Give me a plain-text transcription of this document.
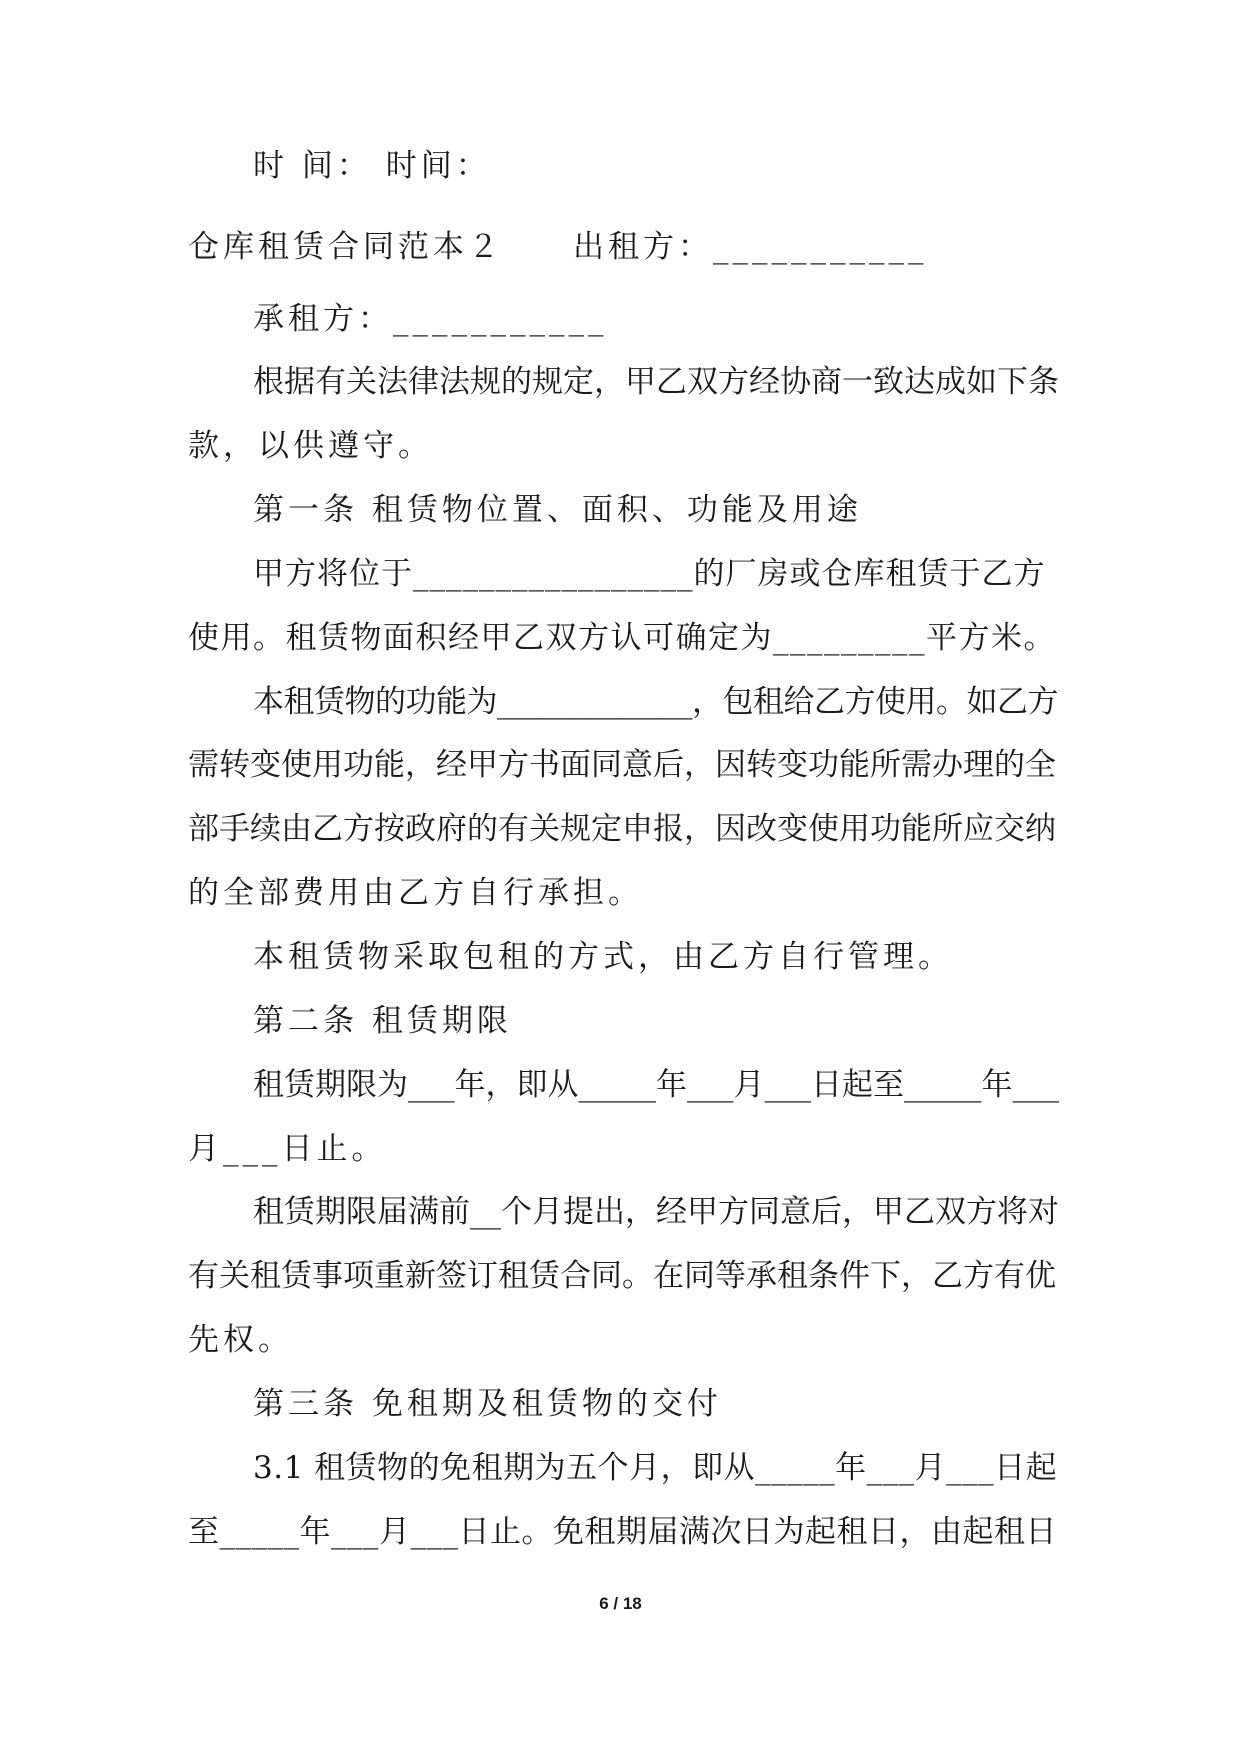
时 间： 时间：

仓库租赁合同范本２　　出租方：___________

承租方：___________

根据有关法律法规的规定，甲乙双方经协商一致达成如下条

款，以供遵守。

第一条 租赁物位置、面积、功能及用途

甲方将位于_________________的厂房或仓库租赁于乙方

使用。租赁物面积经甲乙双方认可确定为_________平方米。

本租赁物的功能为_____________，包租给乙方使用。如乙方

需转变使用功能，经甲方书面同意后，因转变功能所需办理的全

部手续由乙方按政府的有关规定申报，因改变使用功能所应交纳

的全部费用由乙方自行承担。

本租赁物采取包租的方式，由乙方自行管理。

第二条 租赁期限

租赁期限为___年，即从_____年___月___日起至_____年___

月___日止。

租赁期限届满前__个月提出，经甲方同意后，甲乙双方将对

有关租赁事项重新签订租赁合同。在同等承租条件下，乙方有优

先权。

第三条 免租期及租赁物的交付

3.1 租赁物的免租期为五个月，即从_____年___月___日起

至_____年___月___日止。免租期届满次日为起租日，由起租日

6 / 18
